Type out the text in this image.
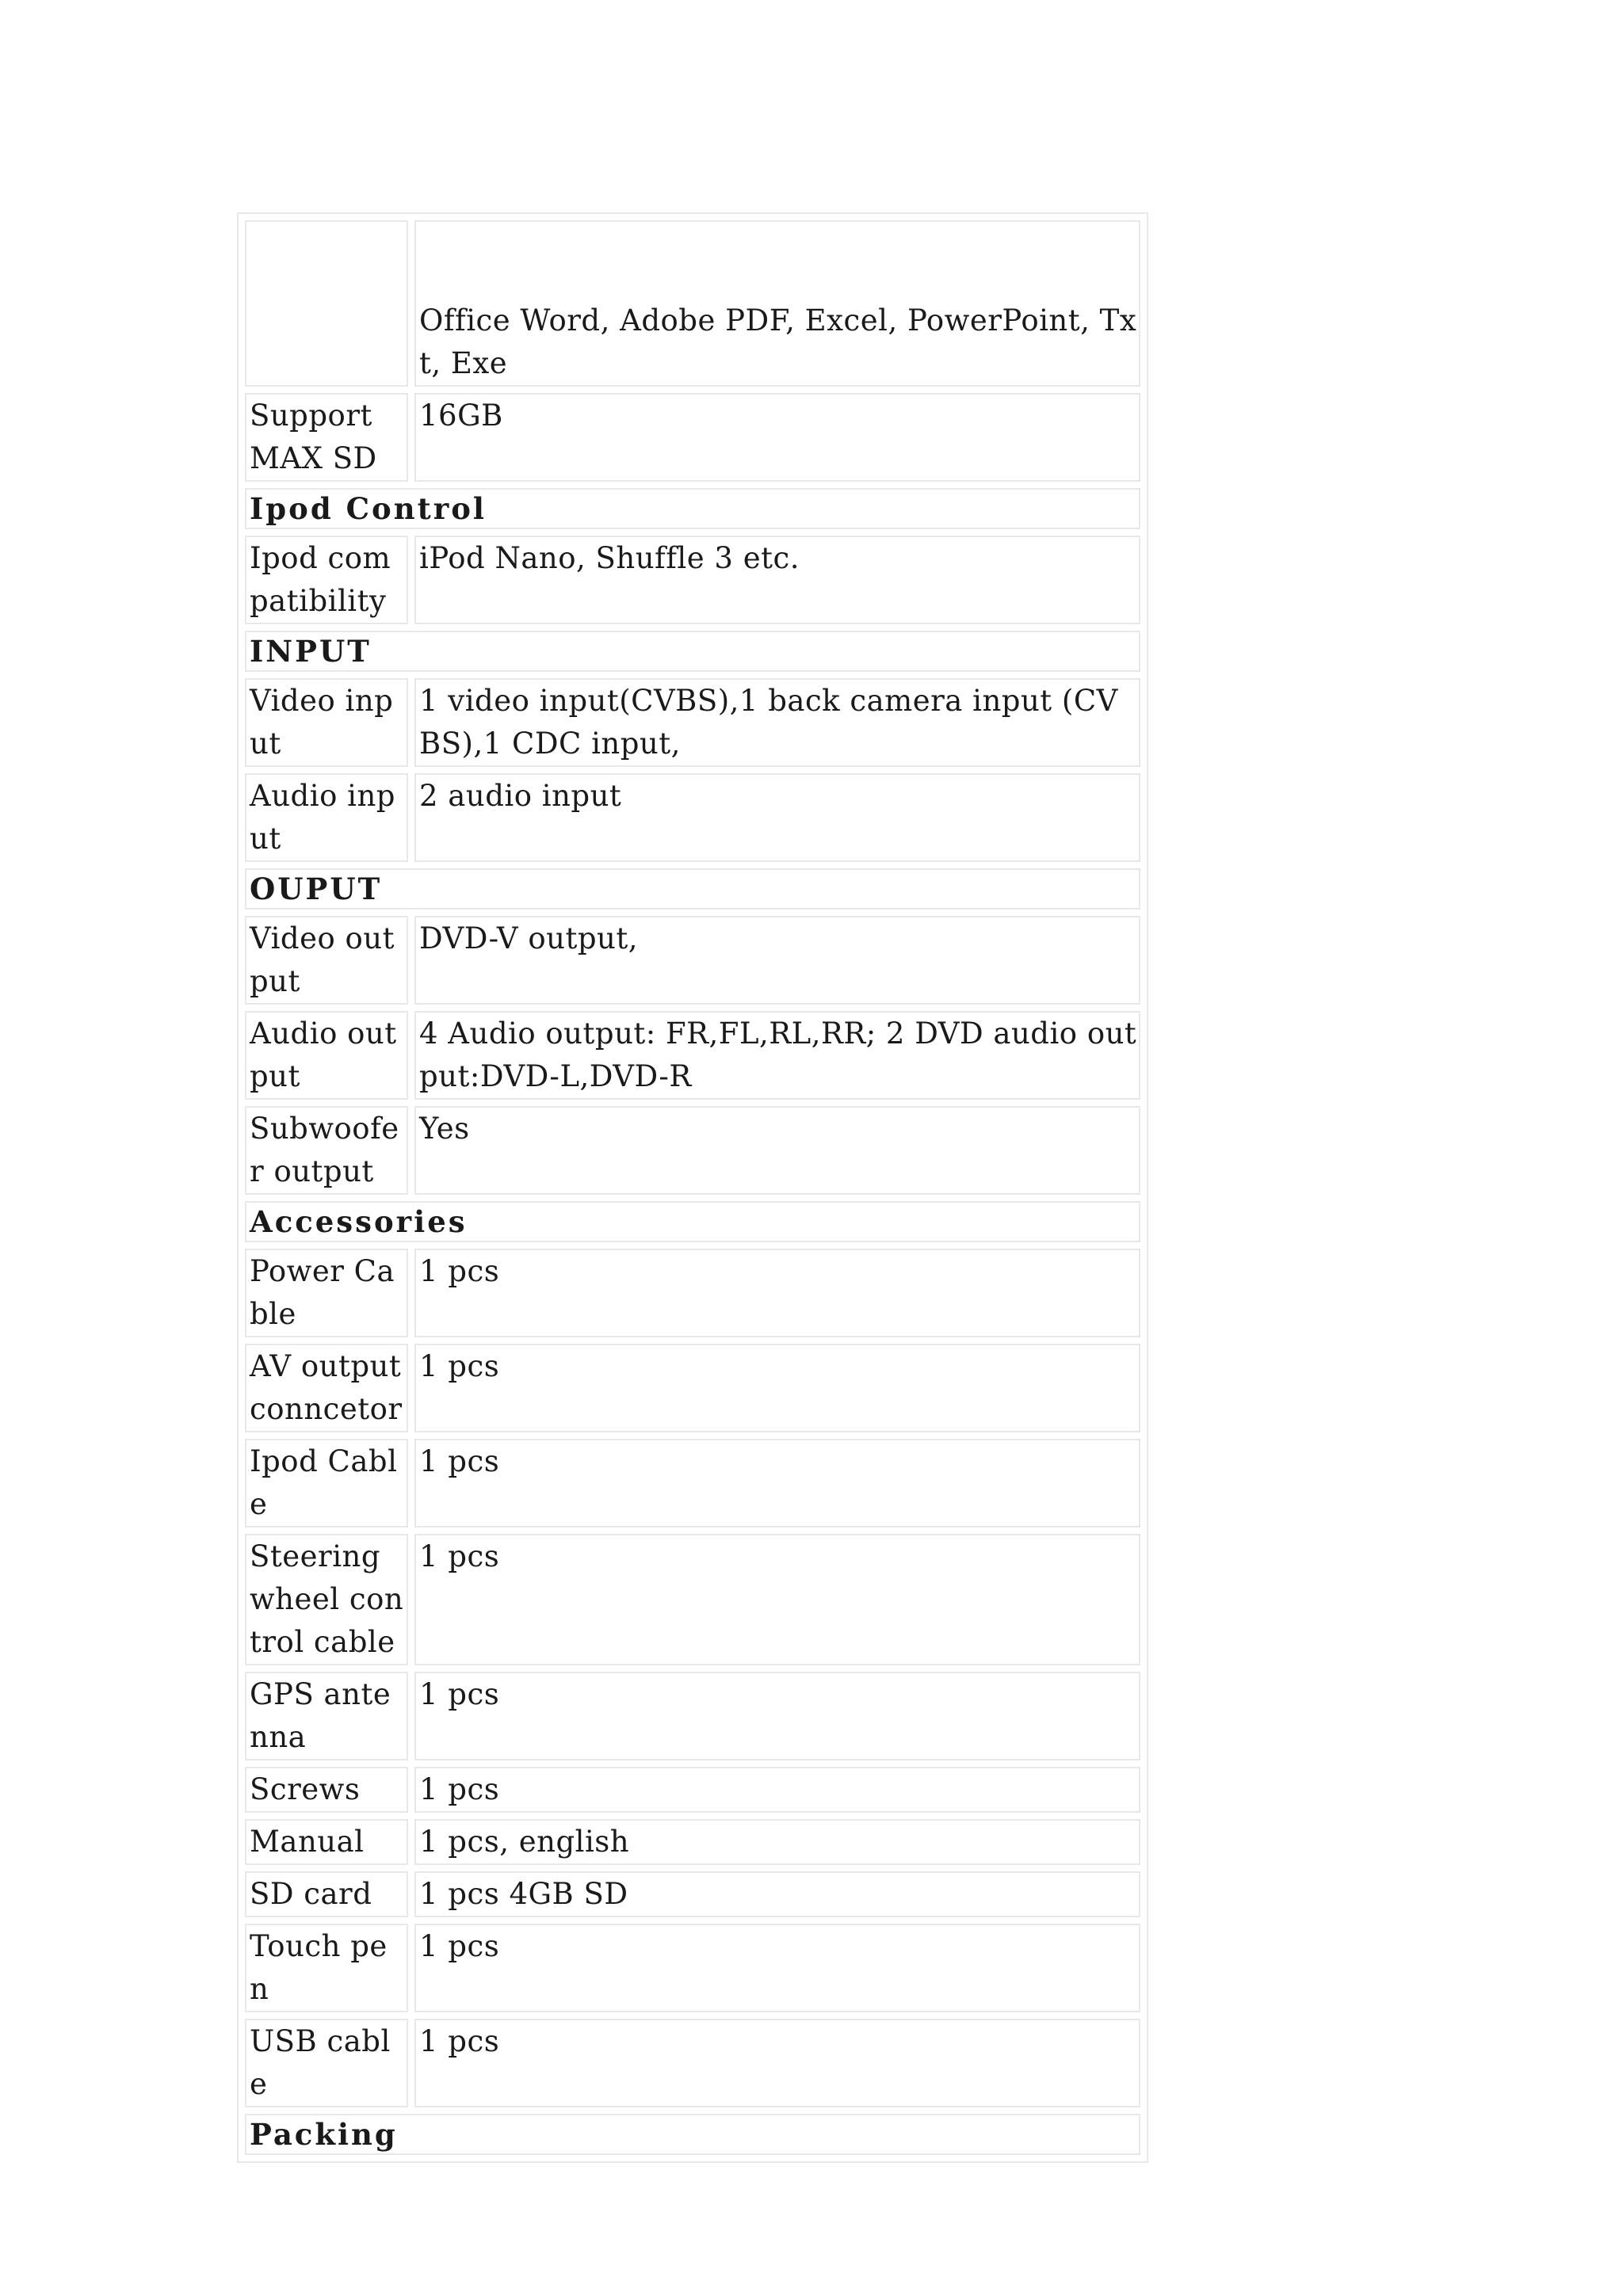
	Office Word, Adobe PDF, Excel, PowerPoint, Txt, Exe
Support MAX SD	16GB
Ipod Control	
Ipod compatibility	iPod Nano, Shuffle 3 etc.
INPUT	
Video input	1 video input(CVBS),1 back camera input (CVBS),1 CDC input,
Audio input	2 audio input
OUPUT	
Video output	DVD-V output,
Audio output	4 Audio output: FR,FL,RL,RR; 2 DVD audio output:DVD-L,DVD-R
Subwoofer output	Yes
Accessories	
Power Cable	1 pcs
AV output conncetor	1 pcs
Ipod Cable	1 pcs
Steering wheel control cable	1 pcs
GPS antenna	1 pcs
Screws	1 pcs
Manual	1 pcs, english
SD card	1 pcs 4GB SD
Touch pen	1 pcs
USB cable	1 pcs
Packing	
